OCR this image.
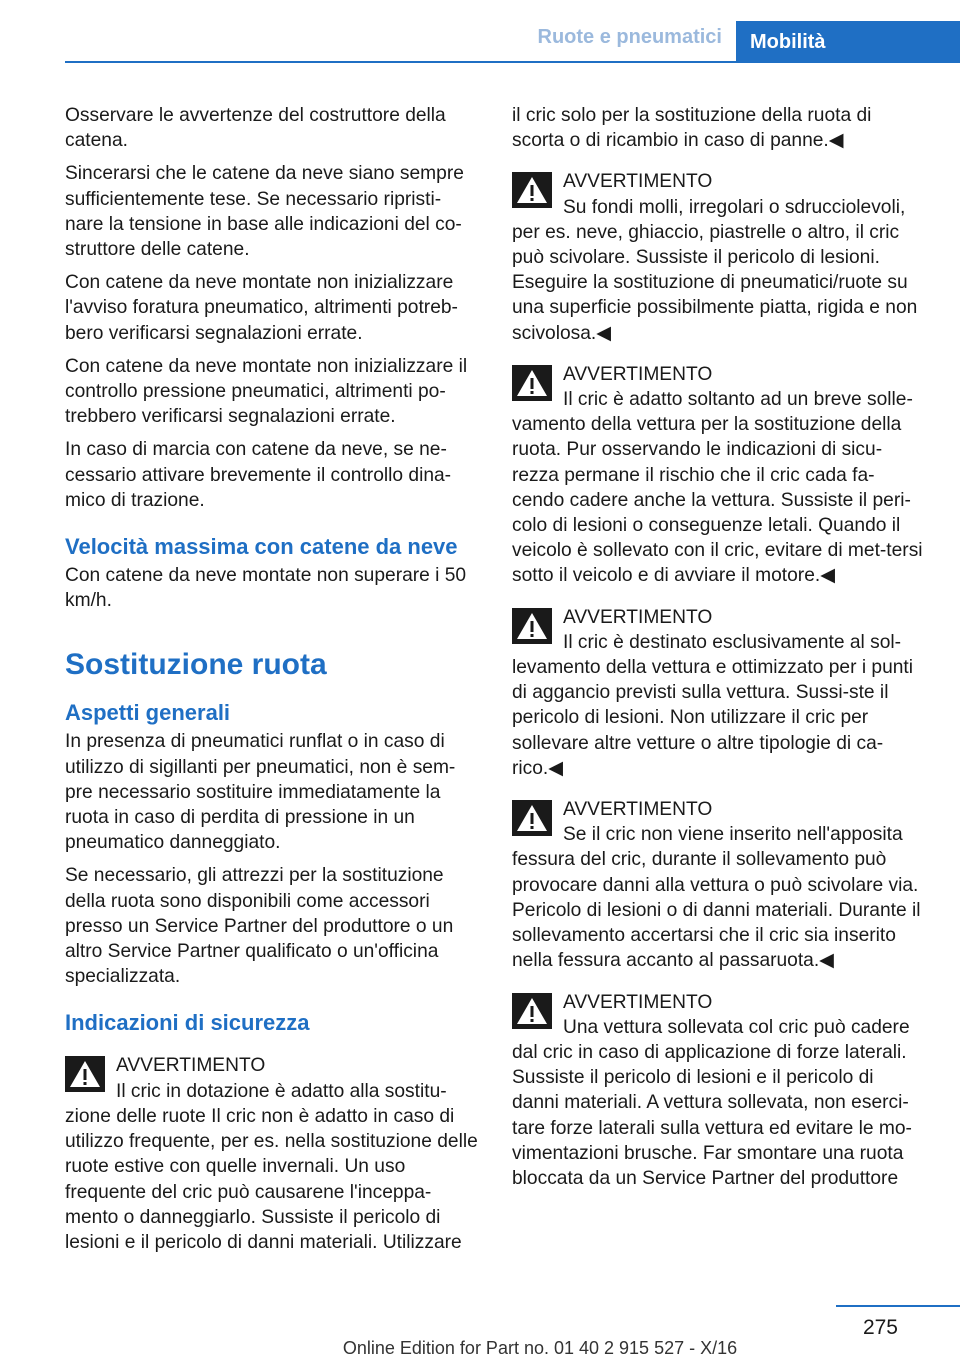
Ruote e pneumatici	Mobilità

Osservare le avvertenze del costruttore della catena.

Sincerarsi che le catene da neve siano sempre sufficientemente tese. Se necessario ripristi-nare la tensione in base alle indicazioni del co-struttore delle catene.

Con catene da neve montate non inizializzare l'avviso foratura pneumatico, altrimenti potreb-bero verificarsi segnalazioni errate.

Con catene da neve montate non inizializzare il controllo pressione pneumatici, altrimenti po-trebbero verificarsi segnalazioni errate.

In caso di marcia con catene da neve, se ne-cessario attivare brevemente il controllo dina-mico di trazione.

Velocità massima con catene da neve

Con catene da neve montate non superare i 50 km/h.

Sostituzione ruota
Aspetti generali

In presenza di pneumatici runflat o in caso di utilizzo di sigillanti per pneumatici, non è sem-pre necessario sostituire immediatamente la ruota in caso di perdita di pressione in un pneumatico danneggiato.

Se necessario, gli attrezzi per la sostituzione della ruota sono disponibili come accessori presso un Service Partner del produttore o un altro Service Partner qualificato o un'officina specializzata.

Indicazioni di sicurezza
AVVERTIMENTO
Il cric in dotazione è adatto alla sostitu-
zione delle ruote Il cric non è adatto in caso di utilizzo frequente, per es. nella sostituzione delle ruote estive con quelle invernali. Un uso frequente del cric può causarene l'inceppa-mento o danneggiarlo. Sussiste il pericolo di lesioni e il pericolo di danni materiali. Utilizzare

il cric solo per la sostituzione della ruota di scorta o di ricambio in caso di panne.◀

AVVERTIMENTO
Su fondi molli, irregolari o sdrucciolevoli,
per es. neve, ghiaccio, piastrelle o altro, il cric può scivolare. Sussiste il pericolo di lesioni. Eseguire la sostituzione di pneumatici/ruote su una superficie possibilmente piatta, rigida e non scivolosa.◀
AVVERTIMENTO
Il cric è adatto soltanto ad un breve solle-
vamento della vettura per la sostituzione della ruota. Pur osservando le indicazioni di sicu-rezza permane il rischio che il cric cada fa-cendo cadere anche la vettura. Sussiste il peri-colo di lesioni o conseguenze letali. Quando il veicolo è sollevato con il cric, evitare di met-tersi sotto il veicolo e di avviare il motore.◀
AVVERTIMENTO
Il cric è destinato esclusivamente al sol-
levamento della vettura e ottimizzato per i punti di aggancio previsti sulla vettura. Sussi-ste il pericolo di lesioni. Non utilizzare il cric per sollevare altre vetture o altre tipologie di ca-rico.◀
AVVERTIMENTO
Se il cric non viene inserito nell'apposita
fessura del cric, durante il sollevamento può provocare danni alla vettura o può scivolare via. Pericolo di lesioni o di danni materiali. Durante il sollevamento accertarsi che il cric sia inserito nella fessura accanto al passaruota.◀
AVVERTIMENTO
Una vettura sollevata col cric può cadere
dal cric in caso di applicazione di forze laterali. Sussiste il pericolo di lesioni e il pericolo di danni materiali. A vettura sollevata, non eserci-tare forze laterali sulla vettura ed evitare le mo-vimentazioni brusche. Far smontare una ruota bloccata da un Service Partner del produttore
275
Online Edition for Part no. 01 40 2 915 527 - X/16
